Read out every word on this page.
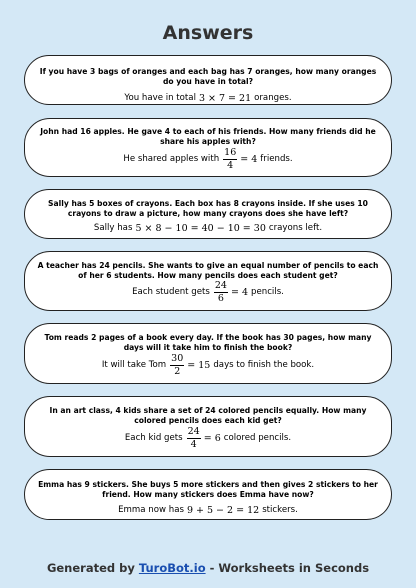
Answers
If you have 3 bags of oranges and each bag has 7 oranges, how many oranges do you have in total?
You have in total 3 × 7 = 21 oranges.
John had 16 apples. He gave 4 to each of his friends. How many friends did he share his apples with?
He shared apples with $\frac{16}{4} = 4$ friends.
Sally has 5 boxes of crayons. Each box has 8 crayons inside. If she uses 10 crayons to draw a picture, how many crayons does she have left?
Sally has 5 × 8 − 10 = 40 − 10 = 30 crayons left.
A teacher has 24 pencils. She wants to give an equal number of pencils to each of her 6 students. How many pencils does each student get?
Each student gets $\frac{24}{6} = 4$ pencils.
Tom reads 2 pages of a book every day. If the book has 30 pages, how many days will it take him to finish the book?
It will take Tom $\frac{30}{2} = 15$ days to finish the book.
In an art class, 4 kids share a set of 24 colored pencils equally. How many colored pencils does each kid get?
Each kid gets $\frac{24}{4} = 6$ colored pencils.
Emma has 9 stickers. She buys 5 more stickers and then gives 2 stickers to her friend. How many stickers does Emma have now?
Emma now has 9 + 5 − 2 = 12 stickers.
Generated by TuroBot.io - Worksheets in Seconds
